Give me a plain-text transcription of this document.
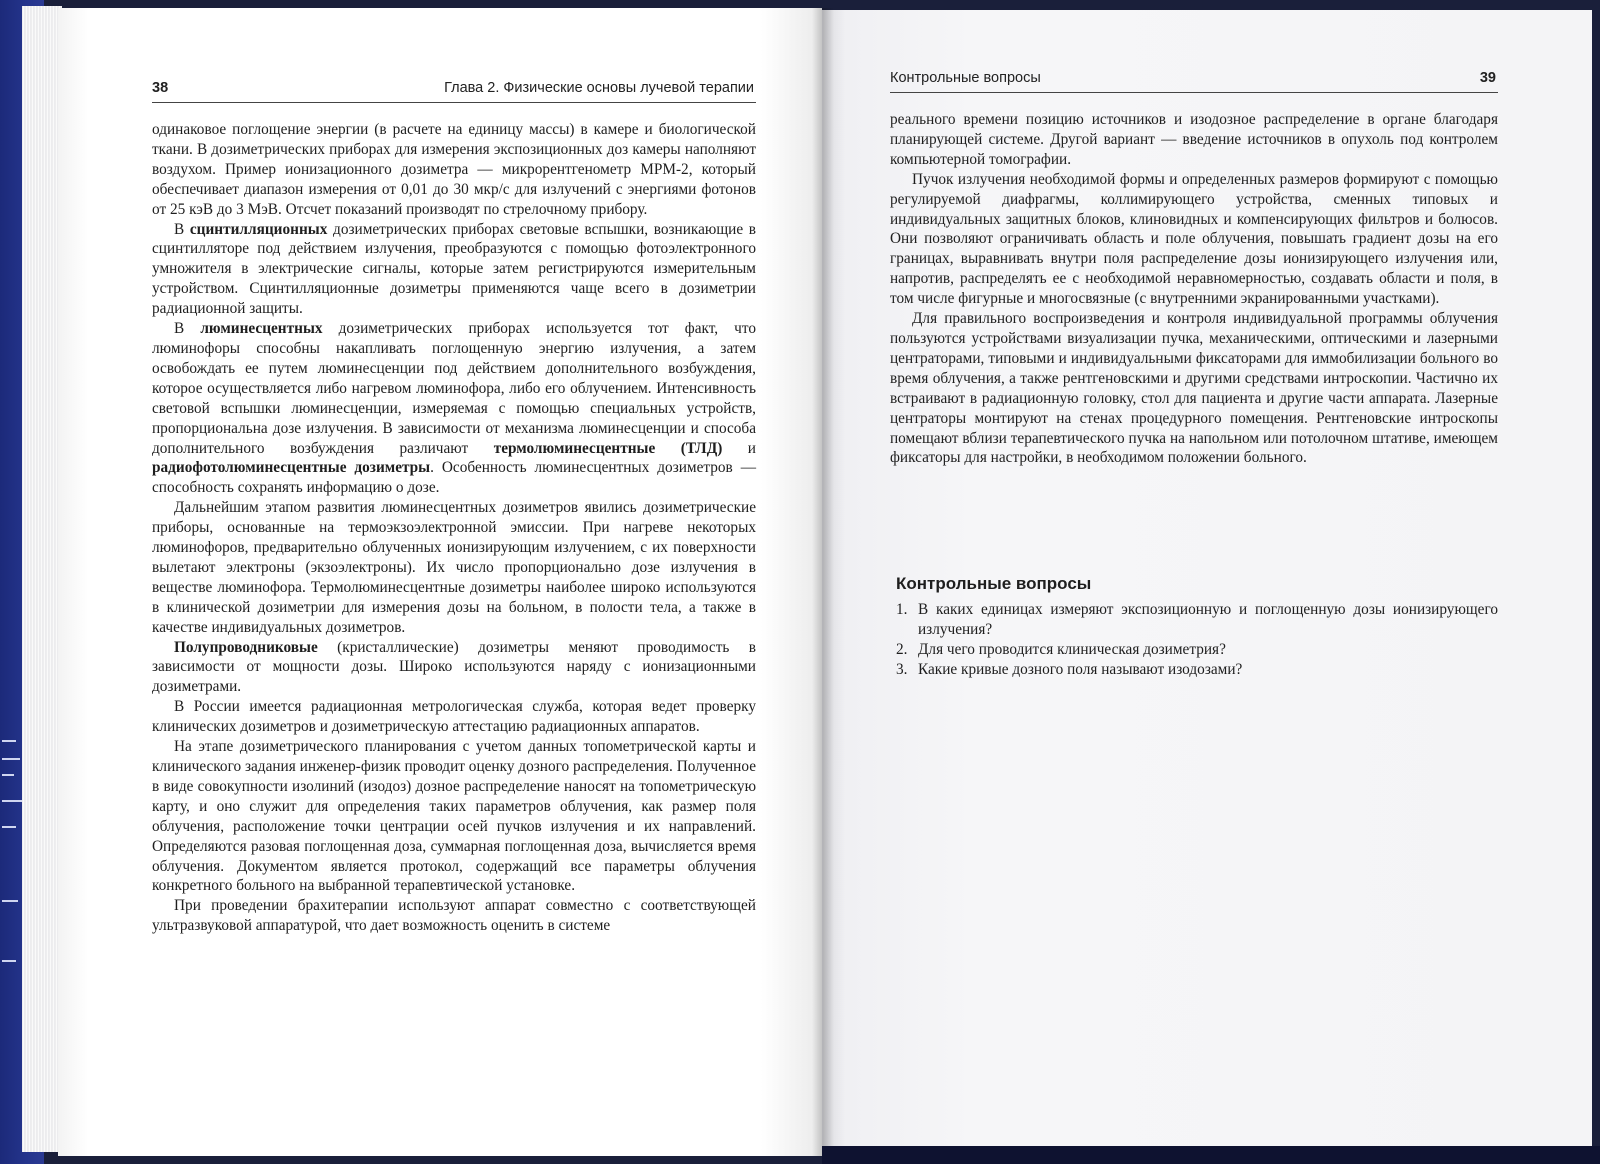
38	Глава 2. Физические основы лучевой терапии
Контрольные вопросы	39

одинаковое поглощение энергии (в расчете на единицу массы) в камере и биологической ткани. В дозиметрических приборах для измерения экспозиционных доз камеры наполняют воздухом. Пример ионизационного дозиметра — микрорентгенометр МРМ-2, который обеспечивает диапазон измерения от 0,01 до 30 мкр/с для излучений с энергиями фотонов от 25 кэВ до 3 МэВ. Отсчет показаний производят по стрелочному прибору.

В сцинтилляционных дозиметрических приборах световые вспышки, возникающие в сцинтилляторе под действием излучения, преобразуются с помощью фотоэлектронного умножителя в электрические сигналы, которые затем регистрируются измерительным устройством. Сцинтилляционные дозиметры применяются чаще всего в дозиметрии радиационной защиты.

В люминесцентных дозиметрических приборах используется тот факт, что люминофоры способны накапливать поглощенную энергию излучения, а затем освобождать ее путем люминесценции под действием дополнительного возбуждения, которое осуществляется либо нагревом люминофора, либо его облучением. Интенсивность световой вспышки люминесценции, измеряемая с помощью специальных устройств, пропорциональна дозе излучения. В зависимости от механизма люминесценции и способа дополнительного возбуждения различают термолюминесцентные (ТЛД) и радиофотолюминесцентные дозиметры. Особенность люминесцентных дозиметров — способность сохранять информацию о дозе.

Дальнейшим этапом развития люминесцентных дозиметров явились дозиметрические приборы, основанные на термоэкзоэлектронной эмиссии. При нагреве некоторых люминофоров, предварительно облученных ионизирующим излучением, с их поверхности вылетают электроны (экзоэлектроны). Их число пропорционально дозе излучения в веществе люминофора. Термолюминесцентные дозиметры наиболее широко используются в клинической дозиметрии для измерения дозы на больном, в полости тела, а также в качестве индивидуальных дозиметров.

Полупроводниковые (кристаллические) дозиметры меняют проводимость в зависимости от мощности дозы. Широко используются наряду с ионизационными дозиметрами.

В России имеется радиационная метрологическая служба, которая ведет проверку клинических дозиметров и дозиметрическую аттестацию радиационных аппаратов.

На этапе дозиметрического планирования с учетом данных топометрической карты и клинического задания инженер-физик проводит оценку дозного распределения. Полученное в виде совокупности изолиний (изодоз) дозное распределение наносят на топометрическую карту, и оно служит для определения таких параметров облучения, как размер поля облучения, расположение точки центрации осей пучков излучения и их направлений. Определяются разовая поглощенная доза, суммарная поглощенная доза, вычисляется время облучения. Документом является протокол, содержащий все параметры облучения конкретного больного на выбранной терапевтической установке.

При проведении брахитерапии используют аппарат совместно с соответствующей ультразвуковой аппаратурой, что дает возможность оценить в системе

реального времени позицию источников и изодозное распределение в органе благодаря планирующей системе. Другой вариант — введение источников в опухоль под контролем компьютерной томографии.

Пучок излучения необходимой формы и определенных размеров формируют с помощью регулируемой диафрагмы, коллимирующего устройства, сменных типовых и индивидуальных защитных блоков, клиновидных и компенсирующих фильтров и болюсов. Они позволяют ограничивать область и поле облучения, повышать градиент дозы на его границах, выравнивать внутри поля распределение дозы ионизирующего излучения или, напротив, распределять ее с необходимой неравномерностью, создавать области и поля, в том числе фигурные и многосвязные (с внутренними экранированными участками).

Для правильного воспроизведения и контроля индивидуальной программы облучения пользуются устройствами визуализации пучка, механическими, оптическими и лазерными центраторами, типовыми и индивидуальными фиксаторами для иммобилизации больного во время облучения, а также рентгеновскими и другими средствами интроскопии. Частично их встраивают в радиационную головку, стол для пациента и другие части аппарата. Лазерные центраторы монтируют на стенах процедурного помещения. Рентгеновские интроскопы помещают вблизи терапевтического пучка на напольном или потолочном штативе, имеющем фиксаторы для настройки, в необходимом положении больного.

Контрольные вопросы
1. В каких единицах измеряют экспозиционную и поглощенную дозы ионизирующего излучения?
2. Для чего проводится клиническая дозиметрия?
3. Какие кривые дозного поля называют изодозами?
